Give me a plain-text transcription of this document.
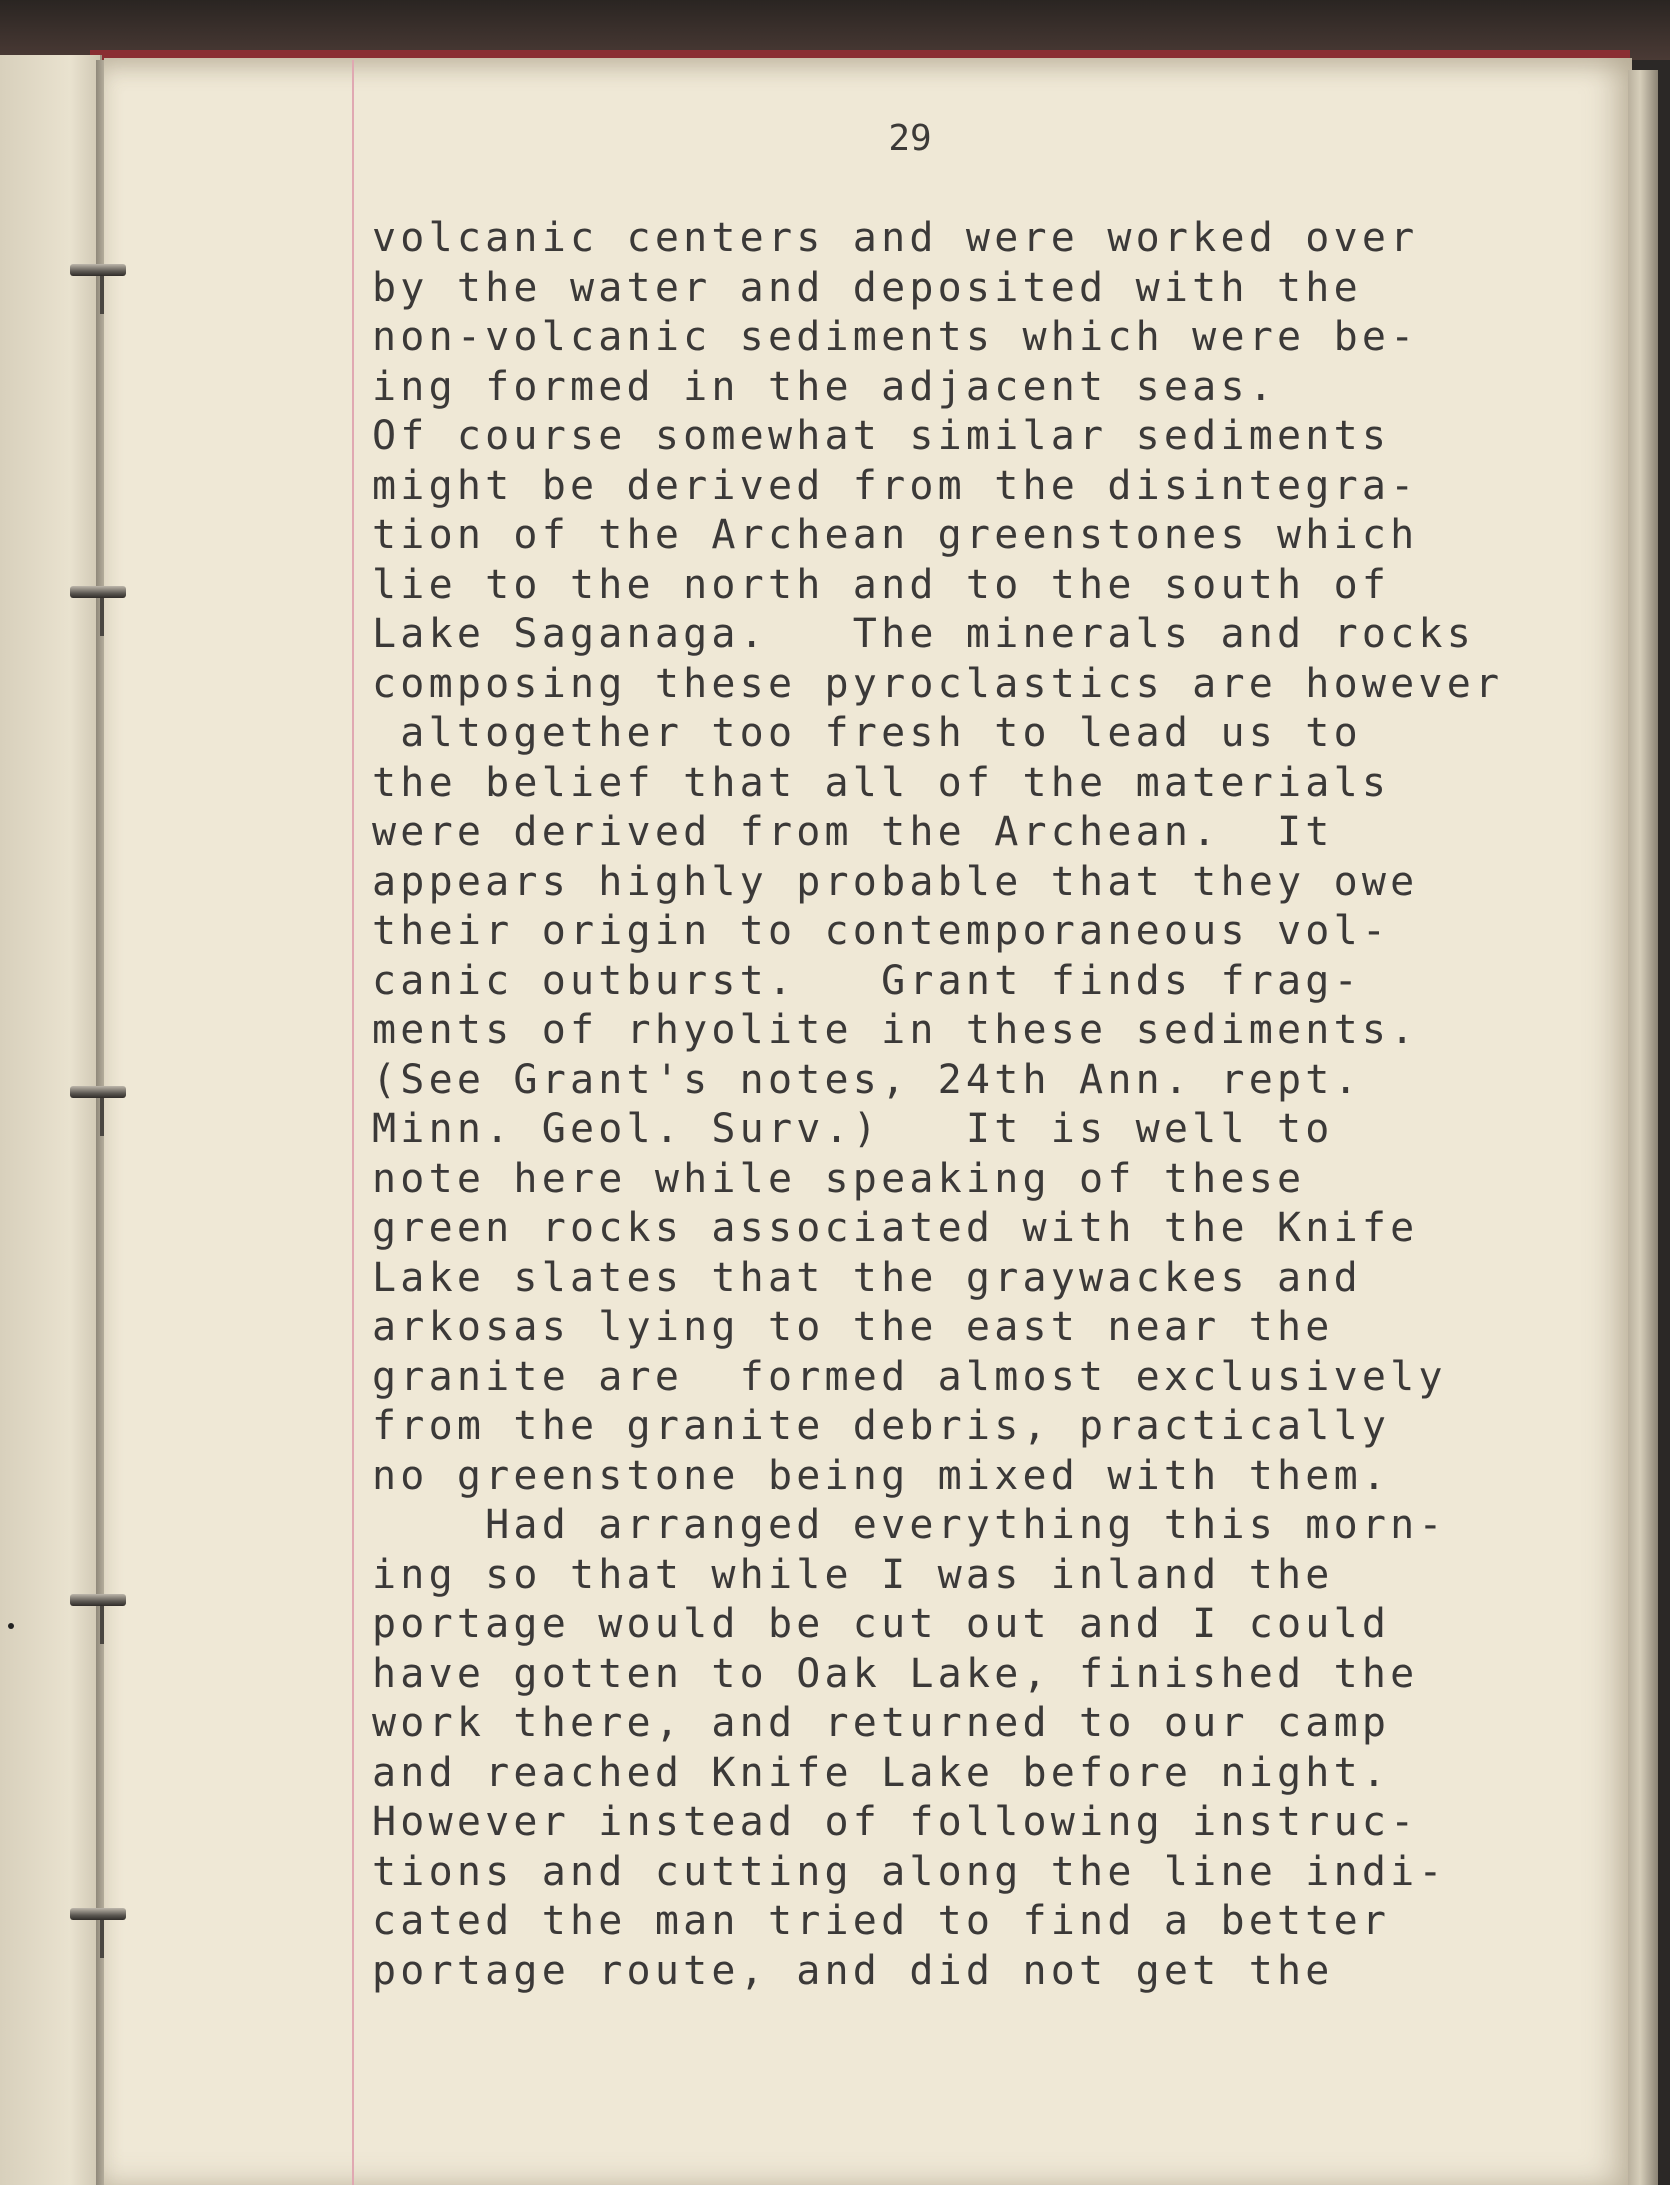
29
volcanic centers and were worked over
by the water and deposited with the
non-volcanic sediments which were be-
ing formed in the adjacent seas.
Of course somewhat similar sediments
might be derived from the disintegra-
tion of the Archean greenstones which
lie to the north and to the south of
Lake Saganaga.   The minerals and rocks
composing these pyroclastics are however
altogether too fresh to lead us to
the belief that all of the materials
were derived from the Archean.  It
appears highly probable that they owe
their origin to contemporaneous vol-
canic outburst.   Grant finds frag-
ments of rhyolite in these sediments.
(See Grant's notes, 24th Ann. rept.
Minn. Geol. Surv.)   It is well to
note here while speaking of these
green rocks associated with the Knife
Lake slates that the graywackes and
arkosas lying to the east near the
granite are  formed almost exclusively
from the granite debris, practically
no greenstone being mixed with them.
Had arranged everything this morn-
ing so that while I was inland the
portage would be cut out and I could
have gotten to Oak Lake, finished the
work there, and returned to our camp
and reached Knife Lake before night.
However instead of following instruc-
tions and cutting along the line indi-
cated the man tried to find a better
portage route, and did not get the
